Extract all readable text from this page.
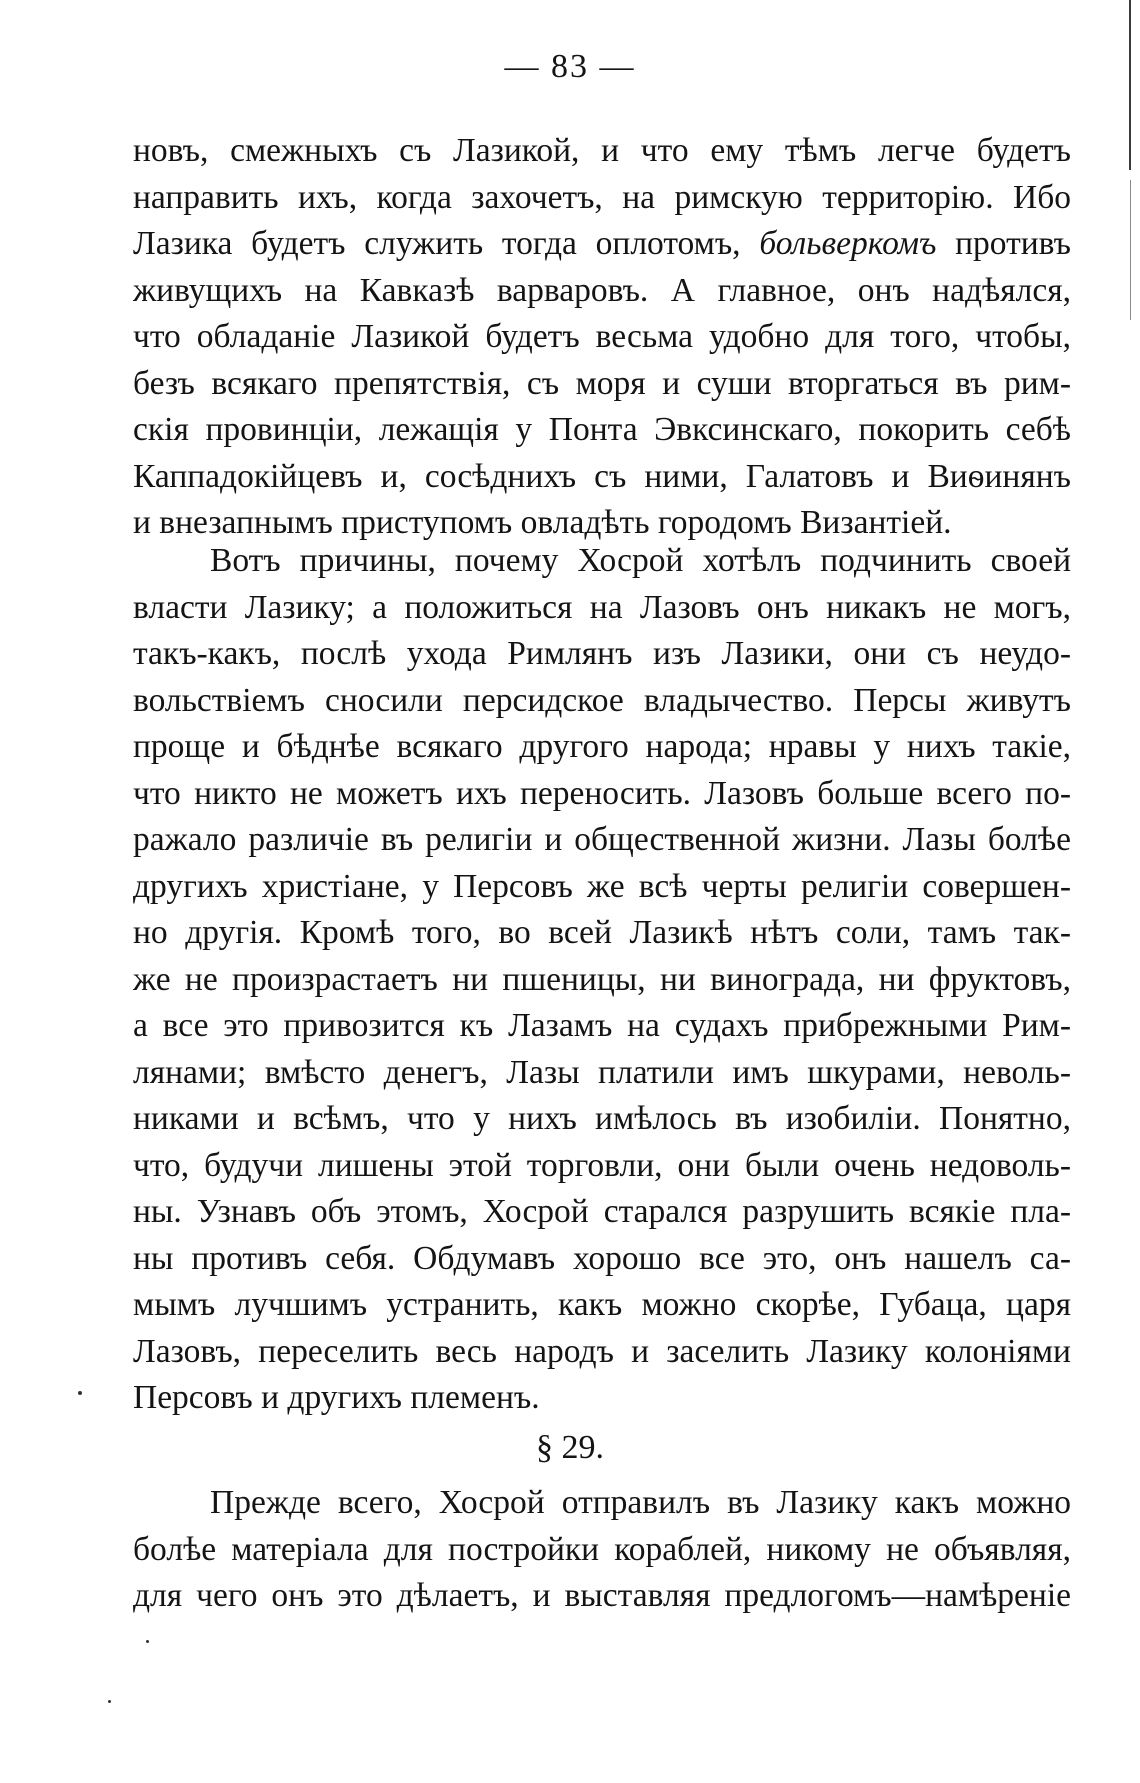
— 83 —
новъ, смежныхъ съ Лазикой, и что ему тѣмъ легче будетъ
направить ихъ, когда захочетъ, на римскую территорію. Ибо
Лазика будетъ служить тогда оплотомъ, больверкомъ противъ
живущихъ на Кавказѣ варваровъ. А главное, онъ надѣялся,
что обладаніе Лазикой будетъ весьма удобно для того, чтобы,
безъ всякаго препятствія, съ моря и суши вторгаться въ рим-
скія провинціи, лежащія у Понта Эвксинскаго, покорить себѣ
Каппадокійцевъ и, сосѣднихъ съ ними, Галатовъ и Виѳинянъ
и внезапнымъ приступомъ овладѣть городомъ Византіей.
Вотъ причины, почему Хосрой хотѣлъ подчинить своей
власти Лазику; а положиться на Лазовъ онъ никакъ не могъ,
такъ-какъ, послѣ ухода Римлянъ изъ Лазики, они съ неудо-
вольствіемъ сносили персидское владычество. Персы живутъ
проще и бѣднѣе всякаго другого народа; нравы у нихъ такіе,
что никто не можетъ ихъ переносить. Лазовъ больше всего по-
ражало различіе въ религіи и общественной жизни. Лазы болѣе
другихъ христіане, у Персовъ же всѣ черты религіи совершен-
но другія. Кромѣ того, во всей Лазикѣ нѣтъ соли, тамъ так-
же не произрастаетъ ни пшеницы, ни винограда, ни фруктовъ,
а все это привозится къ Лазамъ на судахъ прибрежными Рим-
лянами; вмѣсто денегъ, Лазы платили имъ шкурами, неволь-
никами и всѣмъ, что у нихъ имѣлось въ изобиліи. Понятно,
что, будучи лишены этой торговли, они были очень недоволь-
ны. Узнавъ объ этомъ, Хосрой старался разрушить всякіе пла-
ны противъ себя. Обдумавъ хорошо все это, онъ нашелъ са-
мымъ лучшимъ устранить, какъ можно скорѣе, Губаца, царя
Лазовъ, переселить весь народъ и заселить Лазику колоніями
Персовъ и другихъ племенъ.
§ 29.
Прежде всего, Хосрой отправилъ въ Лазику какъ можно
болѣе матеріала для постройки кораблей, никому не объявляя,
для чего онъ это дѣлаетъ, и выставляя предлогомъ—намѣреніе
